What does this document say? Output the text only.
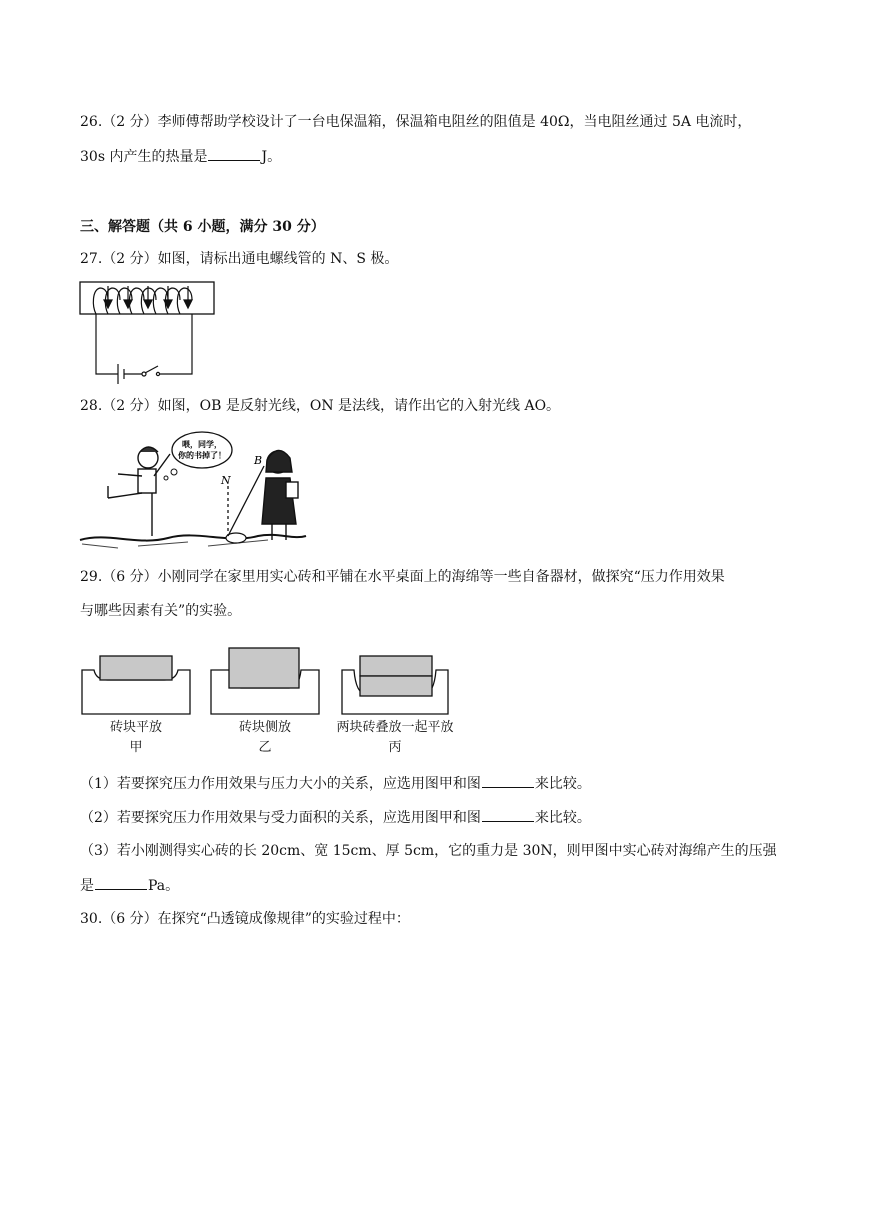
26.（2 分）李师傅帮助学校设计了一台电保温箱，保温箱电阻丝的阻值是 40Ω，当电阻丝通过 5A 电流时，
30s 内产生的热量是	J。
三、解答题（共 6 小题，满分 30 分）
27.（2 分）如图，请标出通电螺线管的 N、S 极。
28.（2 分）如图，OB 是反射光线，ON 是法线，请作出它的入射光线 AO。
喂，同学，
你的书掉了！
N
B
29.（6 分）小刚同学在家里用实心砖和平铺在水平桌面上的海绵等一些自备器材，做探究“压力作用效果
与哪些因素有关”的实验。
砖块平放
甲
砖块侧放
乙
两块砖叠放一起平放
丙
（1）若要探究压力作用效果与压力大小的关系，应选用图甲和图	来比较。
（2）若要探究压力作用效果与受力面积的关系，应选用图甲和图	来比较。
（3）若小刚测得实心砖的长 20cm、宽 15cm、厚 5cm，它的重力是 30N，则甲图中实心砖对海绵产生的压强
是	Pa。
30.（6 分）在探究“凸透镜成像规律”的实验过程中：
